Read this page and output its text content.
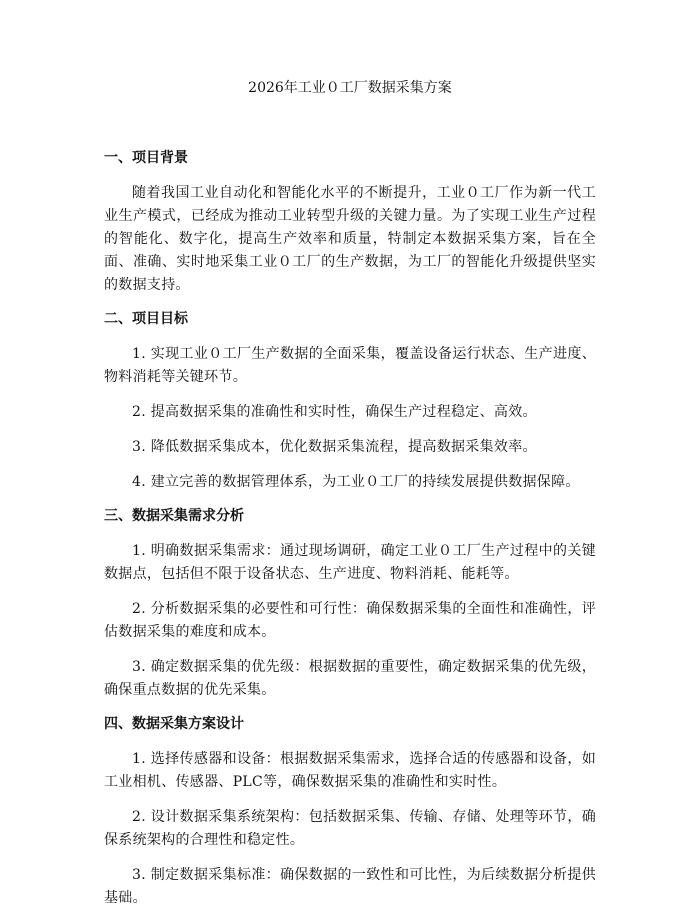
2026年工业０工厂数据采集方案
一、项目背景

随着我国工业自动化和智能化水平的不断提升，工业０工厂作为新一代工业生产模式，已经成为推动工业转型升级的关键力量。为了实现工业生产过程的智能化、数字化，提高生产效率和质量，特制定本数据采集方案，旨在全面、准确、实时地采集工业０工厂的生产数据，为工厂的智能化升级提供坚实的数据支持。

二、项目目标

1. 实现工业０工厂生产数据的全面采集，覆盖设备运行状态、生产进度、物料消耗等关键环节。

2. 提高数据采集的准确性和实时性，确保生产过程稳定、高效。

3. 降低数据采集成本，优化数据采集流程，提高数据采集效率。

4. 建立完善的数据管理体系，为工业０工厂的持续发展提供数据保障。

三、数据采集需求分析

1. 明确数据采集需求：通过现场调研，确定工业０工厂生产过程中的关键数据点，包括但不限于设备状态、生产进度、物料消耗、能耗等。

2. 分析数据采集的必要性和可行性：确保数据采集的全面性和准确性，评估数据采集的难度和成本。

3. 确定数据采集的优先级：根据数据的重要性，确定数据采集的优先级，确保重点数据的优先采集。

四、数据采集方案设计

1. 选择传感器和设备：根据数据采集需求，选择合适的传感器和设备，如工业相机、传感器、PLC等，确保数据采集的准确性和实时性。

2. 设计数据采集系统架构：包括数据采集、传输、存储、处理等环节，确保系统架构的合理性和稳定性。

3. 制定数据采集标准：确保数据的一致性和可比性，为后续数据分析提供基础。
